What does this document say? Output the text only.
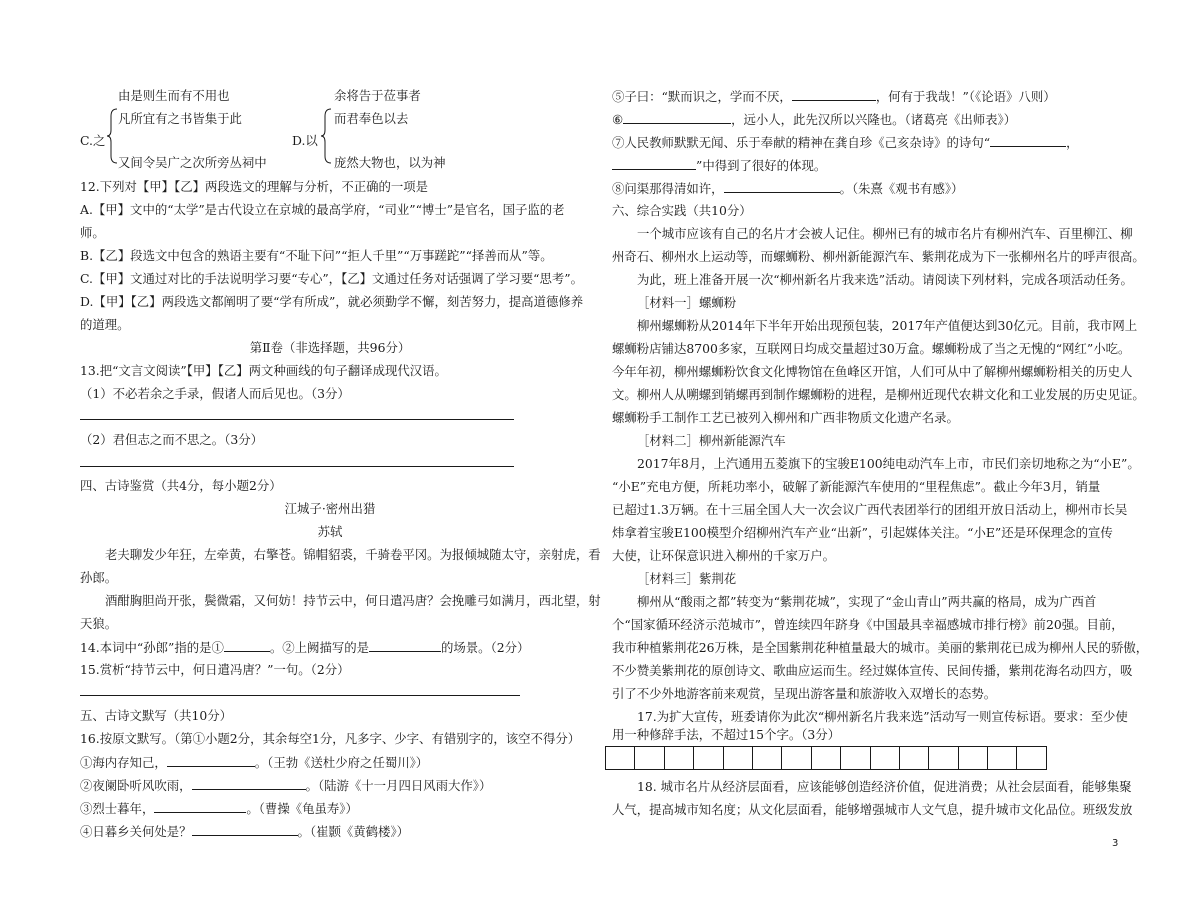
由是则生而有不用也	余将告于莅事者
C.之
凡所宜有之书皆集于此
又间令吴广之次所旁丛祠中
D.以
而君奉色以去
庞然大物也，以为神
12.下列对【甲】【乙】两段选文的理解与分析，不正确的一项是
A.【甲】文中的“太学”是古代设立在京城的最高学府，“司业”“博士”是官名，国子监的老
师。
B.【乙】段选文中包含的熟语主要有“不耻下问”“拒人千里”“万事蹉跎”“择善而从”等。
C.【甲】文通过对比的手法说明学习要“专心”，【乙】文通过任务对话强调了学习要“思考”。
D.【甲】【乙】两段选文都阐明了要“学有所成”，就必须勤学不懈，刻苦努力，提高道德修养
的道理。
第Ⅱ卷（非选择题，共96分）
13.把“文言文阅读”【甲】【乙】两文种画线的句子翻译成现代汉语。
（1）不必若余之手录，假诸人而后见也。（3分）
（2）君但志之而不思之。（3分）
四、古诗鉴赏（共4分，每小题2分）
江城子·密州出猎
苏轼
老夫聊发少年狂，左牵黄，右擎苍。锦帽貂裘，千骑卷平冈。为报倾城随太守，亲射虎，看
孙郎。
酒酣胸胆尚开张，鬓微霜，又何妨！持节云中，何日遣冯唐？会挽雕弓如满月，西北望，射
天狼。
14.本词中“孙郎”指的是①	。②上阙描写的是	的场景。（2分）
15.赏析“持节云中，何日遣冯唐？”一句。（2分）
五、古诗文默写（共10分）
16.按原文默写。（第①小题2分，其余每空1分，凡多字、少字、有错别字的，该空不得分）
①海内存知己，	。（王勃《送杜少府之任蜀川》）
②夜阑卧听风吹雨，	。（陆游《十一月四日风雨大作》）
③烈士暮年，	。（曹操《龟虽寿》）
④日暮乡关何处是？	。（崔颢《黄鹤楼》）
⑤子曰：“默而识之，学而不厌，	，何有于我哉！”（《论语》八则）
⑥	，远小人，此先汉所以兴隆也。（诸葛亮《出师表》）
⑦人民教师默默无闻、乐于奉献的精神在龚自珍《己亥杂诗》的诗句“	，
”中得到了很好的体现。
⑧问渠那得清如许，	。（朱熹《观书有感》）
六、综合实践（共10分）
一个城市应该有自己的名片才会被人记住。柳州已有的城市名片有柳州汽车、百里柳江、柳
州奇石、柳州水上运动等，而螺蛳粉、柳州新能源汽车、紫荆花成为下一张柳州名片的呼声很高。
为此，班上准备开展一次“柳州新名片我来选”活动。请阅读下列材料，完成各项活动任务。
［材料一］螺蛳粉
柳州螺蛳粉从2014年下半年开始出现预包装，2017年产值便达到30亿元。目前，我市网上
螺蛳粉店铺达8700多家，互联网日均成交量超过30万盒。螺蛳粉成了当之无愧的“网红”小吃。
今年年初，柳州螺蛳粉饮食文化博物馆在鱼峰区开馆，人们可从中了解柳州螺蛳粉相关的历史人
文。柳州人从嗍螺到销螺再到制作螺蛳粉的进程，是柳州近现代农耕文化和工业发展的历史见证。
螺蛳粉手工制作工艺已被列入柳州和广西非物质文化遗产名录。
［材料二］柳州新能源汽车
2017年8月，上汽通用五菱旗下的宝骏E100纯电动汽车上市，市民们亲切地称之为“小E”。
“小E”充电方便，所耗功率小，破解了新能源汽车使用的“里程焦虑”。截止今年3月，销量
已超过1.3万辆。在十三届全国人大一次会议广西代表团举行的团组开放日活动上，柳州市长吴
炜拿着宝骏E100模型介绍柳州汽车产业“出新”，引起媒体关注。“小E”还是环保理念的宣传
大使，让环保意识进入柳州的千家万户。
［材料三］紫荆花
柳州从“酸雨之都”转变为“紫荆花城”，实现了“金山青山”两共赢的格局，成为广西首
个“国家循环经济示范城市”，曾连续四年跻身《中国最具幸福感城市排行榜》前20强。目前，
我市种植紫荆花26万株，是全国紫荆花种植量最大的城市。美丽的紫荆花已成为柳州人民的骄傲，
不少赞美紫荆花的原创诗文、歌曲应运而生。经过媒体宣传、民间传播，紫荆花海名动四方，吸
引了不少外地游客前来观赏，呈现出游客量和旅游收入双增长的态势。
17.为扩大宣传，班委请你为此次“柳州新名片我来选”活动写一则宣传标语。要求：至少使
用一种修辞手法，不超过15个字。（3分）
18. 城市名片从经济层面看，应该能够创造经济价值，促进消费；从社会层面看，能够集聚
人气，提高城市知名度；从文化层面看，能够增强城市人文气息，提升城市文化品位。班级发放
3
